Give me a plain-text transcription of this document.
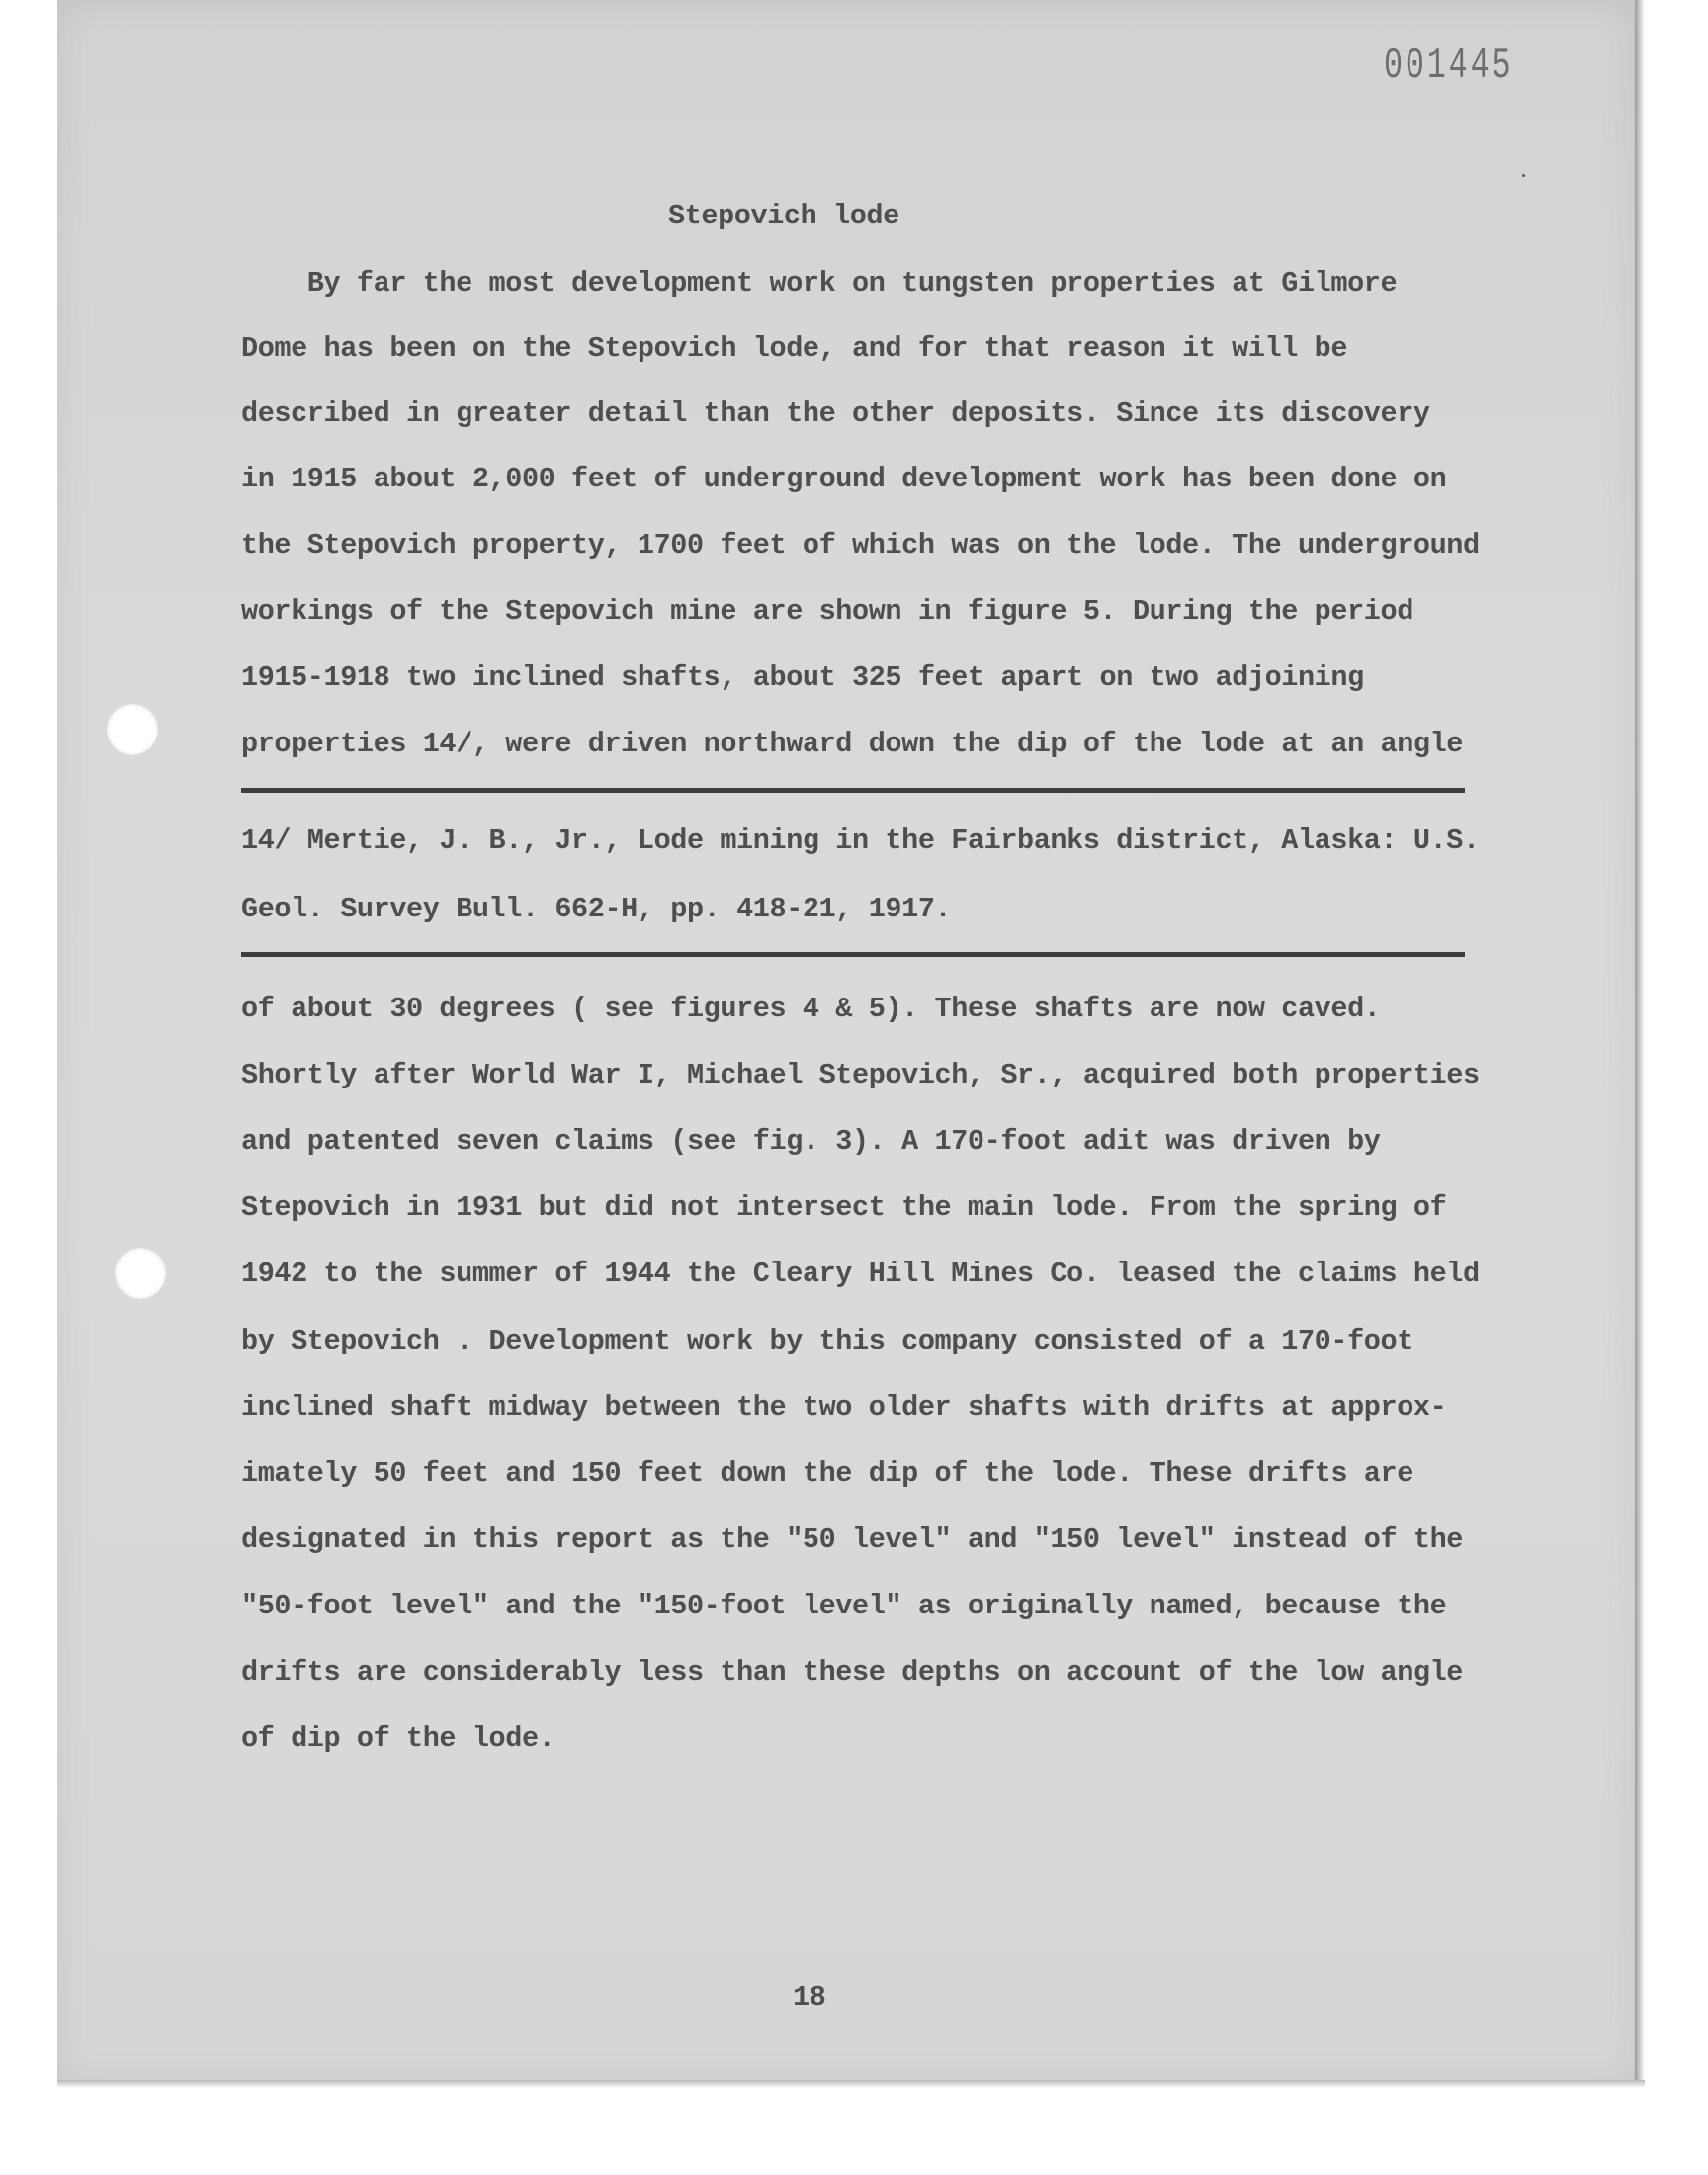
001445
Stepovich lode
By far the most development work on tungsten properties at Gilmore
Dome has been on the Stepovich lode, and for that reason it will be
described in greater detail than the other deposits. Since its discovery
in 1915 about 2,000 feet of underground development work has been done on
the Stepovich property, 1700 feet of which was on the lode. The underground
workings of the Stepovich mine are shown in figure 5. During the period
1915-1918 two inclined shafts, about 325 feet apart on two adjoining
properties 14/, were driven northward down the dip of the lode at an angle
14/ Mertie, J. B., Jr., Lode mining in the Fairbanks district, Alaska: U.S.
Geol. Survey Bull. 662-H, pp. 418-21, 1917.
of about 30 degrees ( see figures 4 & 5). These shafts are now caved.
Shortly after World War I, Michael Stepovich, Sr., acquired both properties
and patented seven claims (see fig. 3). A 170-foot adit was driven by
Stepovich in 1931 but did not intersect the main lode. From the spring of
1942 to the summer of 1944 the Cleary Hill Mines Co. leased the claims held
by Stepovich . Development work by this company consisted of a 170-foot
inclined shaft midway between the two older shafts with drifts at approx-
imately 50 feet and 150 feet down the dip of the lode. These drifts are
designated in this report as the "50 level" and "150 level" instead of the
"50-foot level" and the "150-foot level" as originally named, because the
drifts are considerably less than these depths on account of the low angle
of dip of the lode.
18
